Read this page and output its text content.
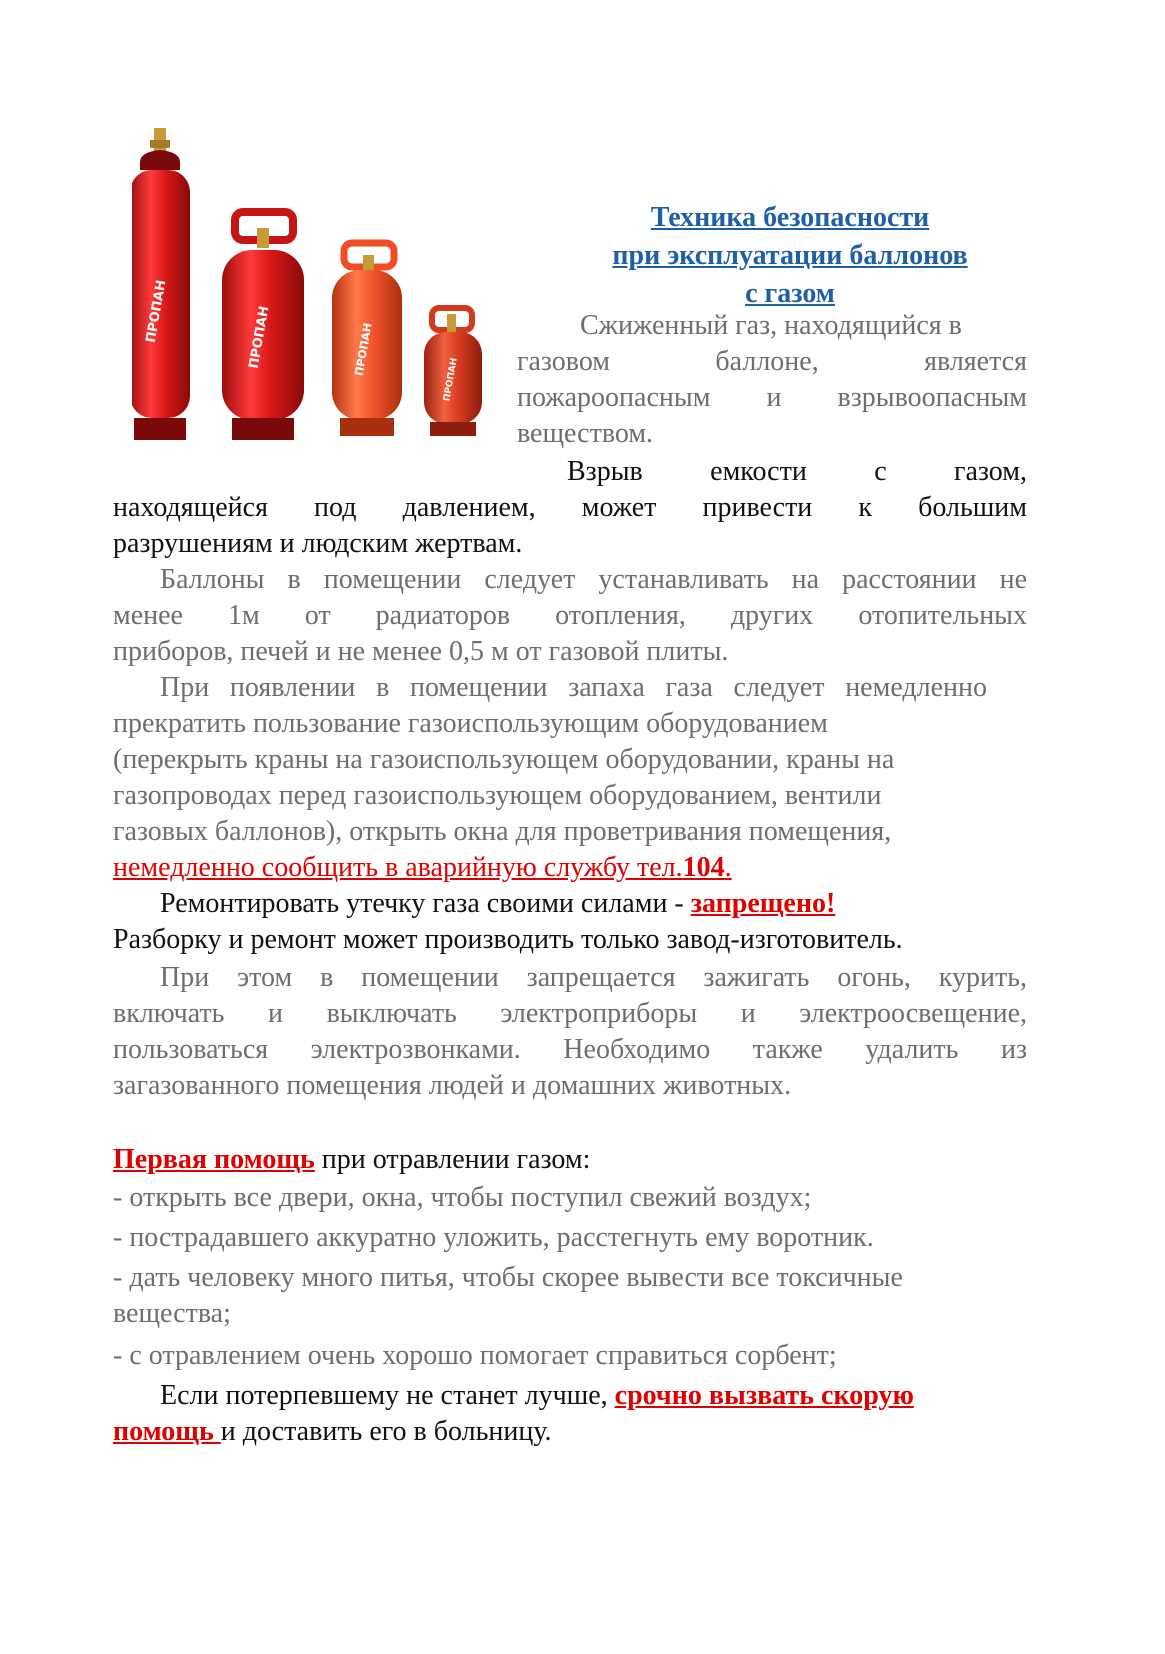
ПРОПАН	ПРОПАН	ПРОПАН
ПРОПАН

Техника безопасности

при эксплуатации баллонов

с газом

Сжиженный газ, находящийся в

газовом баллоне, является

пожароопасным и взрывоопасным

веществом.

Взрыв емкости с газом,

находящейся под давлением, может привести к большим

разрушениям и людским жертвам.

Баллоны в помещении следует устанавливать на расстоянии не

менее 1м от радиаторов отопления, других отопительных

приборов, печей и не менее 0,5 м от газовой плиты.

При появлении в помещении запаха газа следует немедленно

прекратить пользование газоиспользующим оборудованием

(перекрыть краны на газоиспользующем оборудовании, краны на

газопроводах перед газоиспользующем оборудованием, вентили

газовых баллонов), открыть окна для проветривания помещения,

немедленно сообщить в аварийную службу тел.104.

Ремонтировать утечку газа своими силами - запрещено!

Разборку и ремонт может производить только завод-изготовитель.

При этом в помещении запрещается зажигать огонь, курить,

включать и выключать электроприборы и электроосвещение,

пользоваться электрозвонками. Необходимо также удалить из

загазованного помещения людей и домашних животных.

Первая помощь при отравлении газом:

- открыть все двери, окна, чтобы поступил свежий воздух;

- пострадавшего аккуратно уложить, расстегнуть ему воротник.

- дать человеку много питья, чтобы скорее вывести все токсичные

вещества;

- с отравлением очень хорошо помогает справиться сорбент;

Если потерпевшему не станет лучше, срочно вызвать скорую

помощь и доставить его в больницу.
